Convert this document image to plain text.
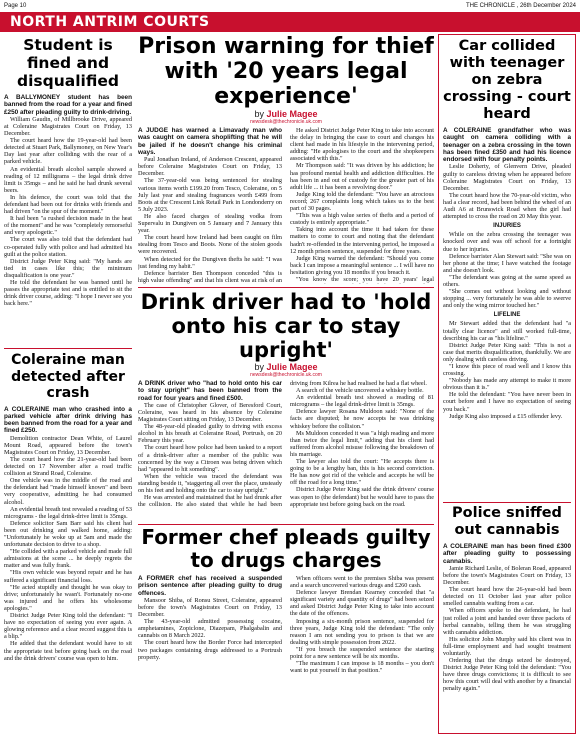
Page 10	THE CHRONICLE , 26th December 2024
NORTH ANTRIM COURTS
Student is fined and disqualified

A BALLYMONEY student has been banned from the road for a year and fined £250 after pleading guilty to drink-driving.

William Gaudin, of Millbrooke Drive, appeared at Coleraine Magistrates Court on Friday, 13 December.

The court heard how the 19-year-old had been detected at Stuart Park, Ballymoney, on New Year's Day last year after colliding with the rear of a parked vehicle.

An evidential breath alcohol sample showed a reading of 12 milligrams – the legal drink drive limit is 35mgs – and he said he had drunk several beers.

In his defence, the court was told that the defendant had been out for drinks with friends and had driven "on the spur of the moment."

It had been "a rushed decision made in the heat of the moment" and he was "completely remorseful and very apologetic."

The court was also told that the defendant had co-operated fully with police and had admitted his guilt at the police station.

District Judge Peter King said: "My hands are tied in cases like this; the minimum disqualification is one year."

He told the defendant he was banned until he passes the appropriate test and is entitled to sit the drink driver course, adding: "I hope I never see you back here."

Coleraine man detected after crash

A COLERAINE man who crashed into a parked vehicle after drink driving has been banned from the road for a year and fined £250.

Demolition contractor Dean White, of Laurel Mount Road, appeared before the town's Magistrates Court on Friday, 13 December.

The court heard how the 21-year-old had been detected on 17 November after a road traffic collision at Strand Road, Coleraine.

One vehicle was in the middle of the road and the defendant had "made himself known" and been very cooperative, admitting he had consumed alcohol.

An evidential breath test revealed a reading of 53 micrograms - the legal drink-drive limit is 35mgs.

Defence solicitor Sam Barr said his client had been out drinking and walked home, adding: "Unfortunately he woke up at 5am and made the unfortunate decision to drive to a shop.

"He collided with a parked vehicle and made full admissions at the scene ... he deeply regrets the matter and was fully frank.

"His own vehicle was beyond repair and he has suffered a significant financial loss.

"He acted stupidly and thought he was okay to drive; unfortunately he wasn't. Fortunately no-one was injured and he offers his wholesome apologies."

District Judge Peter King told the defendant: "I have no expectation of seeing you ever again. A glowing reference and a clear record suggest this is a blip."

He added that the defendant would have to sit the appropriate test before going back on the road and the drink drivers' course was open to him.

Prison warning for thief with '20 years legal experience'
by Julie Magee
newsdesk@thechronicle.uk.com

A JUDGE has warned a Limavady man who was caught on camera shoplifting that he will be jailed if he doesn't change his criminal ways.

Paul Jonathan Ireland, of Anderson Crescent, appeared before Coleraine Magistrates Court on Friday, 13 December.

The 37-year-old was being sentenced for stealing various items worth £199.20 from Tesco, Coleraine, on 5 July last year and stealing fragrances worth £499 from Boots at the Crescent Link Retail Park in Londonderry on 5 July 2023.

He also faced charges of stealing vodka from Supervalu in Dungiven on 5 January and 7 January this year.

The court heard how Ireland had been caught on film stealing from Tesco and Boots. None of the stolen goods were recovered.

When detected for the Dungiven thefts he said: "I was just fending my habit."

Defence barrister Ben Thompson conceded "this is high value offending" and that his client was at risk of an

He asked District Judge Peter King to take into account the delay in bringing the case to court and changes his client had made in his lifestyle in the intervening period, adding: "He apologises to the court and the shopkeepers associated with this."

Mr Thompson said: "It was driven by his addiction; he has profound mental health and addiction difficulties. He has been in and out of custody for the greater part of his adult life ... it has been a revolving door."

Judge King told the defendant: "You have an atrocious record; 267 complaints long which takes us to the best part of 30 pages.

"This was a high value series of thefts and a period of custody is entirely appropriate."

Taking into account the time it had taken for these matters to come to court and noting that the defendant hadn't re-offended in the intervening period, he imposed a 12 month prison sentence, suspended for three years.

Judge King warned the defendant: "Should you come back I can impose a meaningful sentence ... I will have no hesitation giving you 18 months if you breach it.

"You know the score; you have 20 years' legal

Drink driver had to 'hold onto his car to stay upright'
by Julie Magee
newsdesk@thechronicle.uk.com

A DRINK driver who "had to hold onto his car to stay upright" has been banned from the road for four years and fined £500.

The case of Christopher Glover, of Beresford Court, Coleraine, was heard in his absence by Coleraine Magistrates Court sitting on Friday, 13 December.

The 48-year-old pleaded guilty to driving with excess alcohol in his breath at Coleraine Road, Portrush, on 20 February this year.

The court heard how police had been tasked to a report of a drink-driver after a member of the public was concerned by the way a Citroen was being driven which had "appeared to hit something".

When the vehicle was traced the defendant was standing beside it, "staggering all over the place, unsteady on his feet and holding onto the car to stay upright."

He was arrested and maintained that he had drunk after the collision. He also stated that while he had been driving from Kilrea he had realised he had a flat wheel.

A search of the vehicle uncovered a whiskey bottle.

An evidential breath test showed a reading of 81 micrograms – the legal drink-drive limit is 35mgs.

Defence lawyer Rosana Muldoon said: "None of the facts are disputed; he now accepts he was drinking whiskey before the collision."

Ms Muldoon conceded it was "a high reading and more than twice the legal limit," adding that his client had suffered from alcohol misuse following the breakdown of his marriage.

The lawyer also told the court: "He accepts there is going to be a lengthy ban, this is his second conviction. He has now got rid of the vehicle and accepts he will be off the road for a long time."

District Judge Peter King said the drink drivers' course was open to (the defendant) but he would have to pass the appropriate test before going back on the road.

Former chef pleads guilty to drugs charges

A FORMER chef has received a suspended prison sentence after pleading guilty to drug offences.

Mansoor Shiba, of Ronsu Street, Coleraine, appeared before the town's Magistrates Court on Friday, 13 December.

The 43-year-old admitted possessing cocaine, amphetamines, Zopiclone, Diazepam, Phalgabalin and cannabis on 8 March 2022.

The court heard how the Border Force had intercepted two packages containing drugs addressed to a Portrush property.

When officers went to the premises Shiba was present and a search uncovered various drugs and £260 cash.

Defence lawyer Brendan Kearney conceded that "a significant variety and quantity of drugs" had been seized and asked District Judge Peter King to take into account the date of the offences.

Imposing a six-month prison sentence, suspended for three years, Judge King told the defendant: "The only reason I am not sending you to prison is that we are dealing with simple possession from 2022.

"If you breach the suspended sentence the starting point for a new sentence will be six months.

"The maximum I can impose is 18 months – you don't want to put yourself in that position."

Car collided with teenager on zebra crossing - court heard

A COLERAINE grandfather who was caught on camera colliding with a teenager on a zebra crossing in the town has been fined £350 and had his licence endorsed with four penalty points.

Leslie Doherty, of Glenvern Drive, pleaded guilty to careless driving when he appeared before Coleraine Magistrates Court on Friday, 13 December.

The court heard how the 70-year-old victim, who had a clear record, had been behind the wheel of an Audi A6 at Brunswick Road when the girl had attempted to cross the road on 20 May this year.

INJURIES

While on the zebra crossing the teenager was knocked over and was off school for a fortnight due to her injuries.

Defence barrister Alan Stewart said: "She was on her phone at the time; I have watched the footage and she doesn't look.

"The defendant was going at the same speed as others.

"She comes out without looking and without stopping ... very fortunately he was able to swerve and only the wing mirror touched her."

LIFELINE

Mr Stewart added that the defendant had "a totally clear licence" and still worked full-time, describing his car as "his lifeline."

District Judge Peter King said: "This is not a case that merits disqualification, thankfully. We are only dealing with careless driving.

"I know this piece of road well and I know this crossing.

"Nobody has made any attempt to make it more obvious than it is."

He told the defendant: "You have never been in court before and I have no expectation of seeing you back."

Judge King also imposed a £15 offender levy.

Police sniffed out cannabis

A COLERAINE man has been fined £300 after pleading guilty to possessing cannabis.

Jamie Richard Leslie, of Boleran Road, appeared before the town's Magistrates Court on Friday, 13 December.

The court heard how the 26-year-old had been detected on 11 October last year after police smelled cannabis wafting from a car.

When officers spoke to the defendant, he had just rolled a joint and handed over three packets of herbal cannabis, telling them he was struggling with cannabis addiction.

His solicitor John Murphy said his client was in full-time employment and had sought treatment voluntarily.

Ordering that the drugs seized be destroyed, District Judge Peter King told the defendant: "You have three drugs convictions; it is difficult to see how this court will deal with another by a financial penalty again."
